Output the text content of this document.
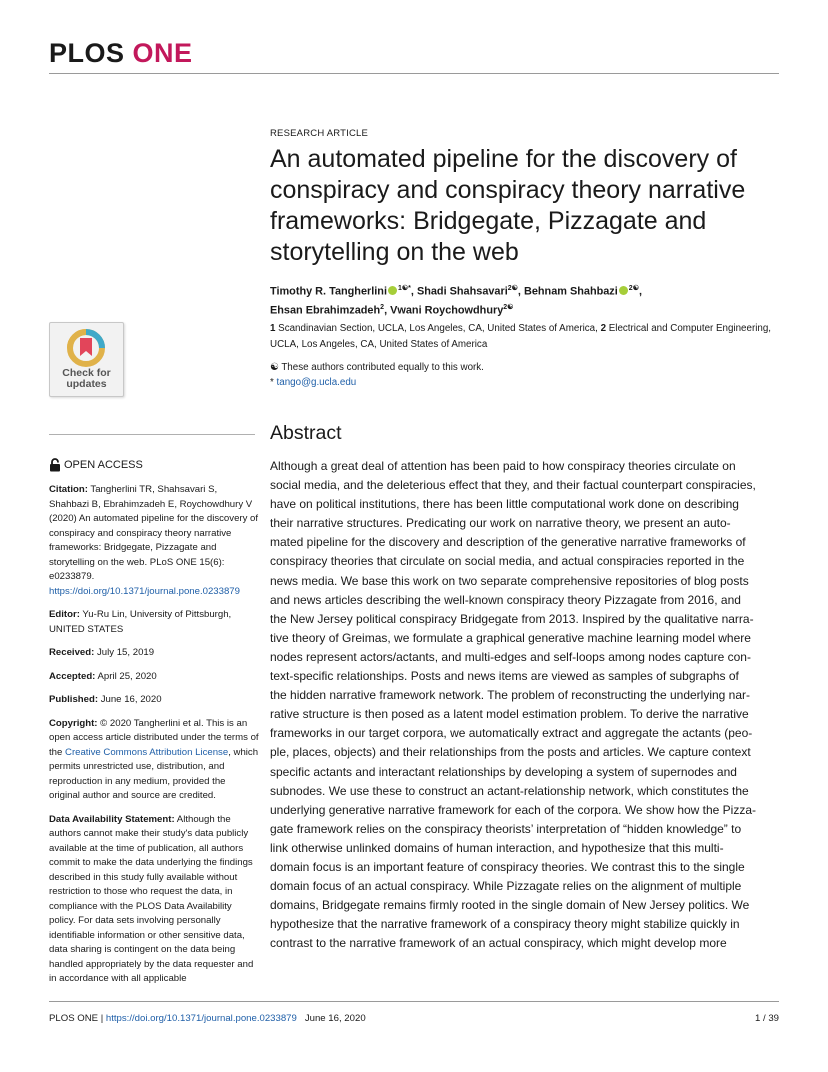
PLOS ONE
Check for
updates
OPEN ACCESS

Citation: Tangherlini TR, Shahsavari S, Shahbazi B, Ebrahimzadeh E, Roychowdhury V (2020) An automated pipeline for the discovery of conspiracy and conspiracy theory narrative frameworks: Bridgegate, Pizzagate and storytelling on the web. PLoS ONE 15(6): e0233879. https://doi.org/10.1371/journal.pone.0233879

Editor: Yu-Ru Lin, University of Pittsburgh, UNITED STATES

Received: July 15, 2019

Accepted: April 25, 2020

Published: June 16, 2020

Copyright: © 2020 Tangherlini et al. This is an open access article distributed under the terms of the Creative Commons Attribution License, which permits unrestricted use, distribution, and reproduction in any medium, provided the original author and source are credited.

Data Availability Statement: Although the authors cannot make their study's data publicly available at the time of publication, all authors commit to make the data underlying the findings described in this study fully available without restriction to those who request the data, in compliance with the PLOS Data Availability policy. For data sets involving personally identifiable information or other sensitive data, data sharing is contingent on the data being handled appropriately by the data requester and in accordance with all applicable

RESEARCH ARTICLE
An automated pipeline for the discovery of conspiracy and conspiracy theory narrative frameworks: Bridgegate, Pizzagate and storytelling on the web
Timothy R. Tangherlini $^{1☯*}$, Shadi Shahsavari$^{2☯}$, Behnam Shahbazi $^{2☯}$,
Ehsan Ebrahimzadeh$^2$, Vwani Roychowdhury$^{2☯}$
1 Scandinavian Section, UCLA, Los Angeles, CA, United States of America, 2 Electrical and Computer Engineering, UCLA, Los Angeles, CA, United States of America
☯ These authors contributed equally to this work.
* tango@g.ucla.edu
Abstract
Although a great deal of attention has been paid to how conspiracy theories circulate on
social media, and the deleterious effect that they, and their factual counterpart conspiracies,
have on political institutions, there has been little computational work done on describing
their narrative structures. Predicating our work on narrative theory, we present an auto-
mated pipeline for the discovery and description of the generative narrative frameworks of
conspiracy theories that circulate on social media, and actual conspiracies reported in the
news media. We base this work on two separate comprehensive repositories of blog posts
and news articles describing the well-known conspiracy theory Pizzagate from 2016, and
the New Jersey political conspiracy Bridgegate from 2013. Inspired by the qualitative narra-
tive theory of Greimas, we formulate a graphical generative machine learning model where
nodes represent actors/actants, and multi-edges and self-loops among nodes capture con-
text-specific relationships. Posts and news items are viewed as samples of subgraphs of
the hidden narrative framework network. The problem of reconstructing the underlying nar-
rative structure is then posed as a latent model estimation problem. To derive the narrative
frameworks in our target corpora, we automatically extract and aggregate the actants (peo-
ple, places, objects) and their relationships from the posts and articles. We capture context
specific actants and interactant relationships by developing a system of supernodes and
subnodes. We use these to construct an actant-relationship network, which constitutes the
underlying generative narrative framework for each of the corpora. We show how the Pizza-
gate framework relies on the conspiracy theorists’ interpretation of “hidden knowledge” to
link otherwise unlinked domains of human interaction, and hypothesize that this multi-
domain focus is an important feature of conspiracy theories. We contrast this to the single
domain focus of an actual conspiracy. While Pizzagate relies on the alignment of multiple
domains, Bridgegate remains firmly rooted in the single domain of New Jersey politics. We
hypothesize that the narrative framework of a conspiracy theory might stabilize quickly in
contrast to the narrative framework of an actual conspiracy, which might develop more
PLOS ONE | https://doi.org/10.1371/journal.pone.0233879   June 16, 2020	1 / 39
